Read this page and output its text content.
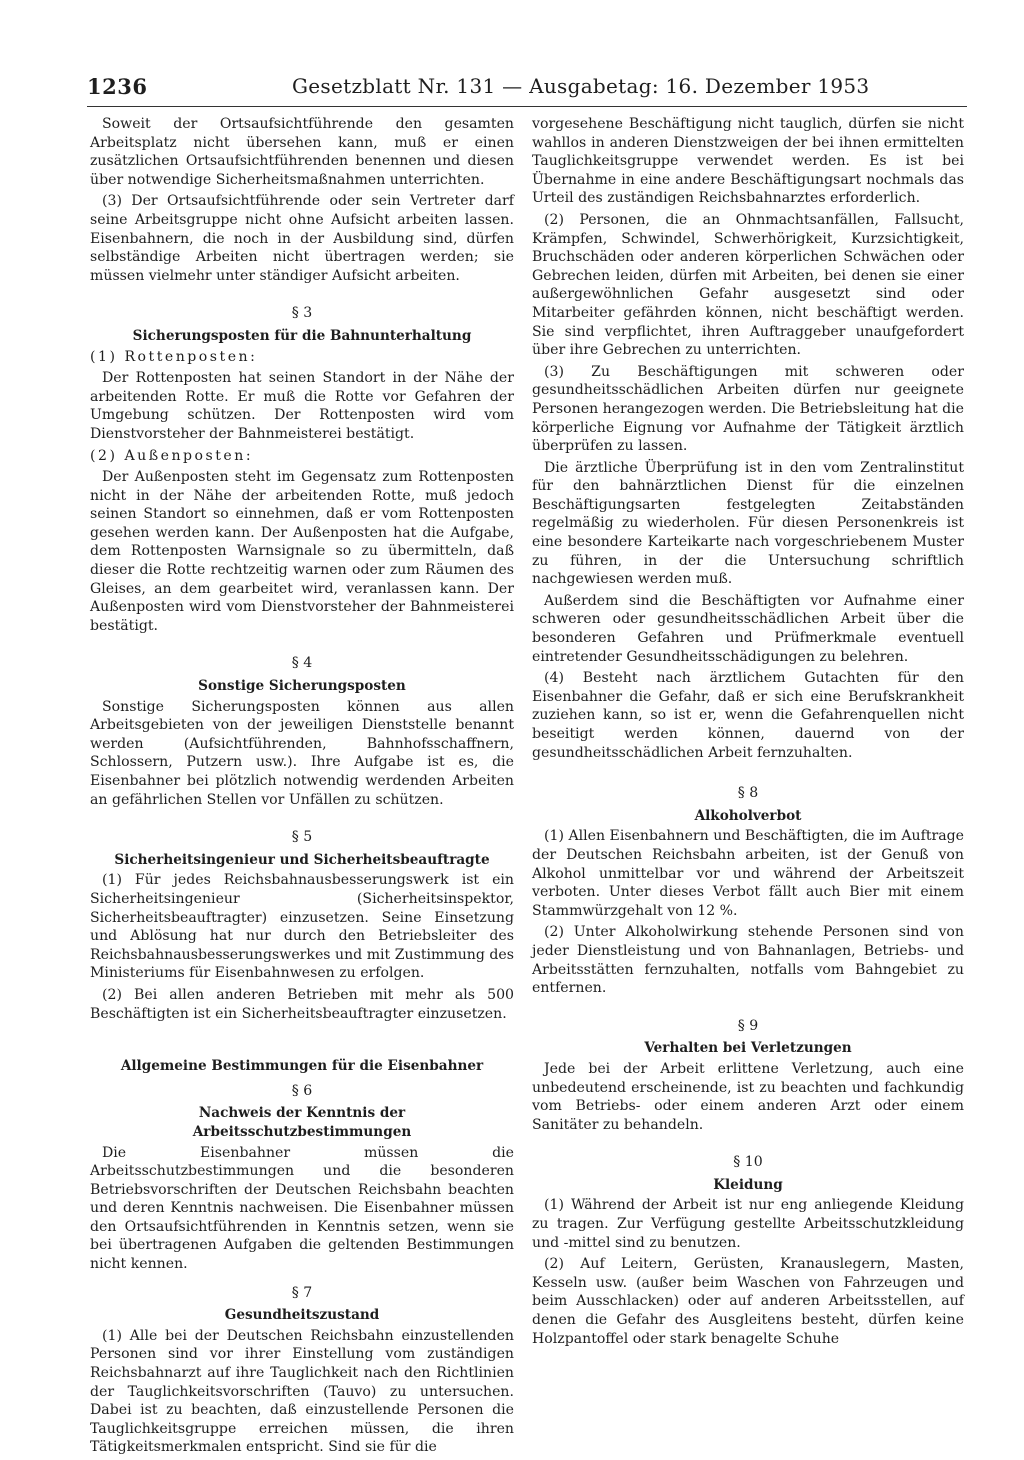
1236	Gesetzblatt Nr. 131 — Ausgabetag: 16. Dezember 1953

Soweit der Ortsaufsichtführende den gesamten Arbeitsplatz nicht übersehen kann, muß er einen zusätzlichen Ortsaufsichtführenden benennen und diesen über notwendige Sicherheitsmaßnahmen unterrichten.

(3) Der Ortsaufsichtführende oder sein Vertreter darf seine Arbeitsgruppe nicht ohne Aufsicht arbeiten lassen. Eisenbahnern, die noch in der Ausbildung sind, dürfen selbständige Arbeiten nicht übertragen werden; sie müssen vielmehr unter ständiger Aufsicht arbeiten.

§ 3
Sicherungsposten für die Bahnunterhaltung

(1) Rottenposten:

Der Rottenposten hat seinen Standort in der Nähe der arbeitenden Rotte. Er muß die Rotte vor Gefahren der Umgebung schützen. Der Rottenposten wird vom Dienstvorsteher der Bahnmeisterei bestätigt.

(2) Außenposten:

Der Außenposten steht im Gegensatz zum Rottenposten nicht in der Nähe der arbeitenden Rotte, muß jedoch seinen Standort so einnehmen, daß er vom Rottenposten gesehen werden kann. Der Außenposten hat die Aufgabe, dem Rottenposten Warnsignale so zu übermitteln, daß dieser die Rotte rechtzeitig warnen oder zum Räumen des Gleises, an dem gearbeitet wird, veranlassen kann. Der Außenposten wird vom Dienstvorsteher der Bahnmeisterei bestätigt.

§ 4
Sonstige Sicherungsposten

Sonstige Sicherungsposten können aus allen Arbeitsgebieten von der jeweiligen Dienststelle benannt werden (Aufsichtführenden, Bahnhofsschaffnern, Schlossern, Putzern usw.). Ihre Aufgabe ist es, die Eisenbahner bei plötzlich notwendig werdenden Arbeiten an gefährlichen Stellen vor Unfällen zu schützen.

§ 5
Sicherheitsingenieur und Sicherheitsbeauftragte

(1) Für jedes Reichsbahnausbesserungswerk ist ein Sicherheitsingenieur (Sicherheitsinspektor, Sicherheitsbeauftragter) einzusetzen. Seine Einsetzung und Ablösung hat nur durch den Betriebsleiter des Reichsbahnausbesserungswerkes und mit Zustimmung des Ministeriums für Eisenbahnwesen zu erfolgen.

(2) Bei allen anderen Betrieben mit mehr als 500 Beschäftigten ist ein Sicherheitsbeauftragter einzusetzen.

Allgemeine Bestimmungen für die Eisenbahner
§ 6
Nachweis der Kenntnis der Arbeitsschutzbestimmungen

Die Eisenbahner müssen die Arbeitsschutzbestimmungen und die besonderen Betriebsvorschriften der Deutschen Reichsbahn beachten und deren Kenntnis nachweisen. Die Eisenbahner müssen den Ortsaufsichtführenden in Kenntnis setzen, wenn sie bei übertragenen Aufgaben die geltenden Bestimmungen nicht kennen.

§ 7
Gesundheitszustand

(1) Alle bei der Deutschen Reichsbahn einzustellenden Personen sind vor ihrer Einstellung vom zuständigen Reichsbahnarzt auf ihre Tauglichkeit nach den Richtlinien der Tauglichkeitsvorschriften (Tauvo) zu untersuchen. Dabei ist zu beachten, daß einzustellende Personen die Tauglichkeitsgruppe erreichen müssen, die ihren Tätigkeitsmerkmalen entspricht. Sind sie für die

vorgesehene Beschäftigung nicht tauglich, dürfen sie nicht wahllos in anderen Dienstzweigen der bei ihnen ermittelten Tauglichkeitsgruppe verwendet werden. Es ist bei Übernahme in eine andere Beschäftigungsart nochmals das Urteil des zuständigen Reichsbahnarztes erforderlich.

(2) Personen, die an Ohnmachtsanfällen, Fallsucht, Krämpfen, Schwindel, Schwerhörigkeit, Kurzsichtigkeit, Bruchschäden oder anderen körperlichen Schwächen oder Gebrechen leiden, dürfen mit Arbeiten, bei denen sie einer außergewöhnlichen Gefahr ausgesetzt sind oder Mitarbeiter gefährden können, nicht beschäftigt werden. Sie sind verpflichtet, ihren Auftraggeber unaufgefordert über ihre Gebrechen zu unterrichten.

(3) Zu Beschäftigungen mit schweren oder gesundheitsschädlichen Arbeiten dürfen nur geeignete Personen herangezogen werden. Die Betriebsleitung hat die körperliche Eignung vor Aufnahme der Tätigkeit ärztlich überprüfen zu lassen.

Die ärztliche Überprüfung ist in den vom Zentralinstitut für den bahnärztlichen Dienst für die einzelnen Beschäftigungsarten festgelegten Zeitabständen regelmäßig zu wiederholen. Für diesen Personenkreis ist eine besondere Karteikarte nach vorgeschriebenem Muster zu führen, in der die Untersuchung schriftlich nachgewiesen werden muß.

Außerdem sind die Beschäftigten vor Aufnahme einer schweren oder gesundheitsschädlichen Arbeit über die besonderen Gefahren und Prüfmerkmale eventuell eintretender Gesundheitsschädigungen zu belehren.

(4) Besteht nach ärztlichem Gutachten für den Eisenbahner die Gefahr, daß er sich eine Berufskrankheit zuziehen kann, so ist er, wenn die Gefahrenquellen nicht beseitigt werden können, dauernd von der gesundheitsschädlichen Arbeit fernzuhalten.

§ 8
Alkoholverbot

(1) Allen Eisenbahnern und Beschäftigten, die im Auftrage der Deutschen Reichsbahn arbeiten, ist der Genuß von Alkohol unmittelbar vor und während der Arbeitszeit verboten. Unter dieses Verbot fällt auch Bier mit einem Stammwürzgehalt von 12 %.

(2) Unter Alkoholwirkung stehende Personen sind von jeder Dienstleistung und von Bahnanlagen, Betriebs- und Arbeitsstätten fernzuhalten, notfalls vom Bahngebiet zu entfernen.

§ 9
Verhalten bei Verletzungen

Jede bei der Arbeit erlittene Verletzung, auch eine unbedeutend erscheinende, ist zu beachten und fachkundig vom Betriebs- oder einem anderen Arzt oder einem Sanitäter zu behandeln.

§ 10
Kleidung

(1) Während der Arbeit ist nur eng anliegende Kleidung zu tragen. Zur Verfügung gestellte Arbeitsschutzkleidung und -mittel sind zu benutzen.

(2) Auf Leitern, Gerüsten, Kranauslegern, Masten, Kesseln usw. (außer beim Waschen von Fahrzeugen und beim Ausschlacken) oder auf anderen Arbeitsstellen, auf denen die Gefahr des Ausgleitens besteht, dürfen keine Holzpantoffel oder stark benagelte Schuhe
